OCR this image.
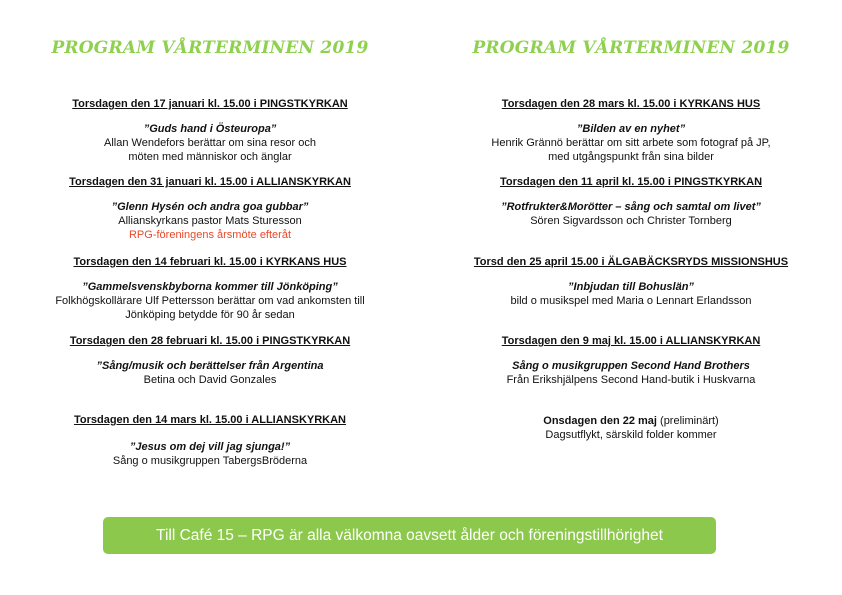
PROGRAM VÅRTERMINEN 2019
Torsdagen den 17 januari kl. 15.00 i PINGSTKYRKAN
”Guds hand i Östeuropa”
Allan Wendefors berättar om sina resor och
möten med människor och änglar
Torsdagen den 31 januari kl. 15.00 i ALLIANSKYRKAN
”Glenn Hysén och andra goa gubbar”
Allianskyrkans pastor Mats Sturesson
RPG-föreningens årsmöte efteråt
Torsdagen den 14 februari kl. 15.00 i KYRKANS HUS
”Gammelsvenskbyborna kommer till Jönköping”
Folkhögskollärare Ulf Pettersson berättar om vad ankomsten till
Jönköping betydde för 90 år sedan
Torsdagen den 28 februari kl. 15.00 i PINGSTKYRKAN
”Sång/musik och berättelser från Argentina
Betina och David Gonzales
Torsdagen den 14 mars kl. 15.00 i ALLIANSKYRKAN
”Jesus om dej vill jag sjunga!”
Sång o musikgruppen TabergsBröderna
PROGRAM VÅRTERMINEN 2019
Torsdagen den 28 mars kl. 15.00 i KYRKANS HUS
”Bilden av en nyhet”
Henrik Grännö berättar om sitt arbete som fotograf på JP,
med utgångspunkt från sina bilder
Torsdagen den 11 april kl. 15.00 i PINGSTKYRKAN
”Rotfrukter&Morötter – sång och samtal om livet”
Sören Sigvardsson och Christer Tornberg
Torsd den 25 april 15.00 i ÄLGABÄCKSRYDS MISSIONSHUS
”Inbjudan till Bohuslän”
bild o musikspel med Maria o Lennart Erlandsson
Torsdagen den 9 maj kl. 15.00 i ALLIANSKYRKAN
Sång o musikgruppen Second Hand Brothers
Från Erikshjälpens Second Hand-butik i Huskvarna
Onsdagen den 22 maj (preliminärt)
Dagsutflykt, särskild folder kommer
Till Café 15 – RPG är alla välkomna oavsett ålder och föreningstillhörighet
